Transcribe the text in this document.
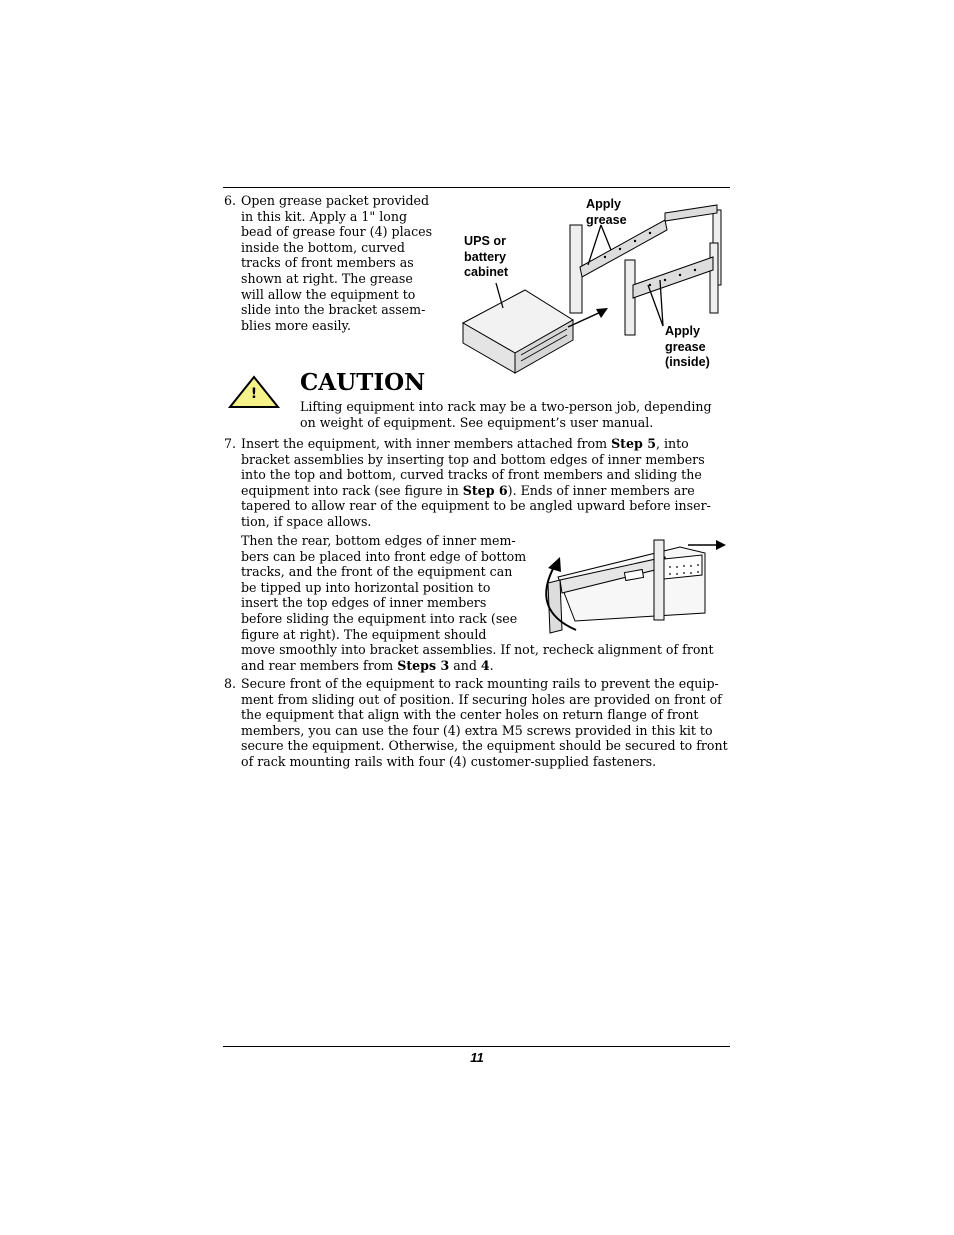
6. Open grease packet provided
in this kit. Apply a 1" long
bead of grease four (4) places
inside the bottom, curved
tracks of front members as
shown at right. The grease
will allow the equipment to
slide into the bracket assem-
blies more easily.
Apply
grease
UPS or
battery
cabinet
Apply
grease
(inside)
! CAUTION
Lifting equipment into rack may be a two-person job, depending
on weight of equipment. See equipment’s user manual.
7. Insert the equipment, with inner members attached from Step 5, into
bracket assemblies by inserting top and bottom edges of inner members
into the top and bottom, curved tracks of front members and sliding the
equipment into rack (see figure in Step 6). Ends of inner members are
tapered to allow rear of the equipment to be angled upward before inser-
tion, if space allows.
Then the rear, bottom edges of inner mem-
bers can be placed into front edge of bottom
tracks, and the front of the equipment can
be tipped up into horizontal position to
insert the top edges of inner members
before sliding the equipment into rack (see
figure at right). The equipment should
move smoothly into bracket assemblies. If not, recheck alignment of front
and rear members from Steps 3 and 4.
8. Secure front of the equipment to rack mounting rails to prevent the equip-
ment from sliding out of position. If securing holes are provided on front of
the equipment that align with the center holes on return flange of front
members, you can use the four (4) extra M5 screws provided in this kit to
secure the equipment. Otherwise, the equipment should be secured to front
of rack mounting rails with four (4) customer-supplied fasteners.
11
